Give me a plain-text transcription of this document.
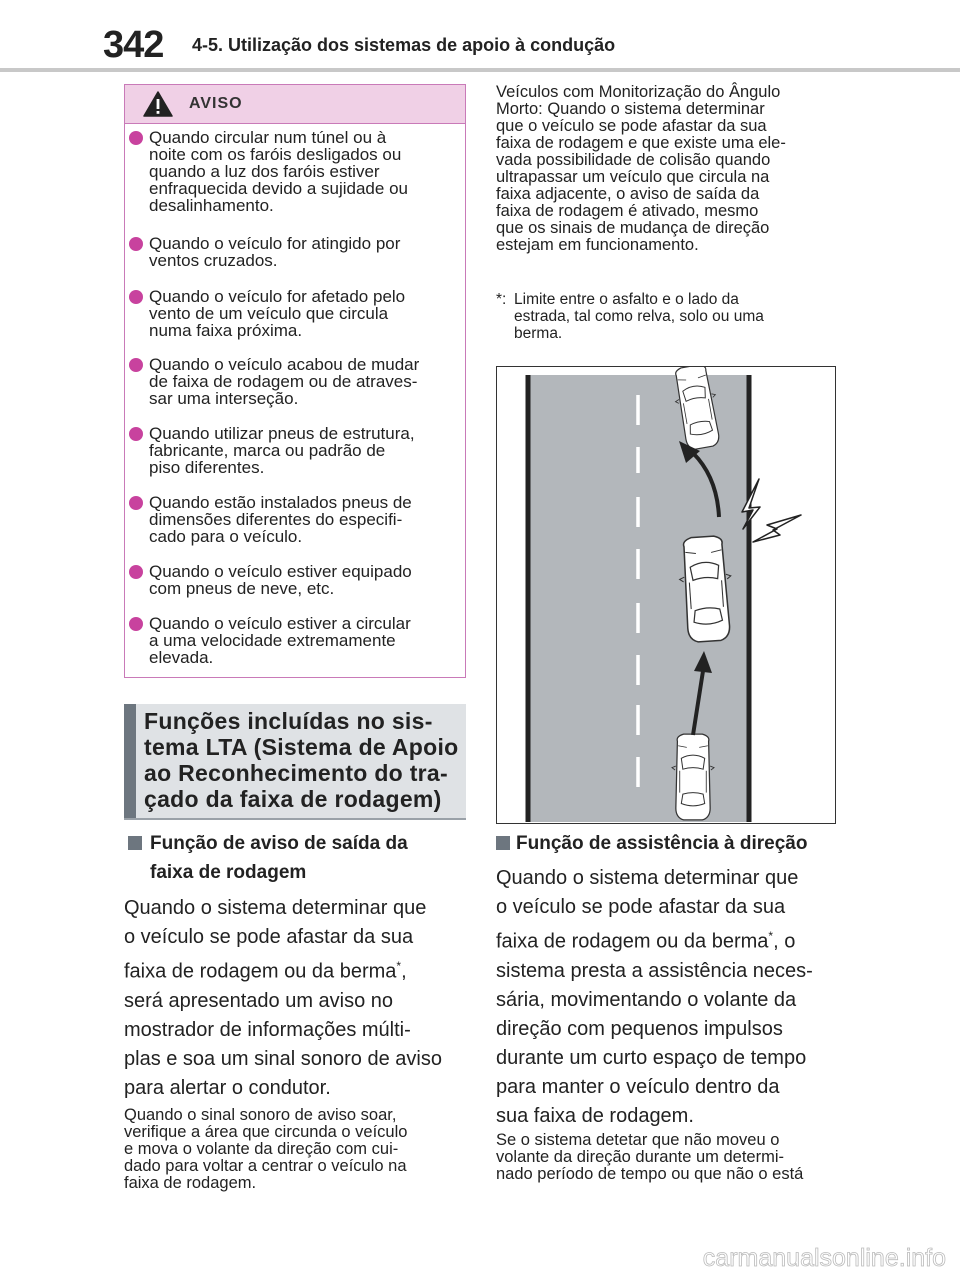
342 4-5. Utilização dos sistemas de apoio à condução
AVISO
Quando circular num túnel ou à
noite com os faróis desligados ou
quando a luz dos faróis estiver
enfraquecida devido a sujidade ou
desalinhamento.
Quando o veículo for atingido por
ventos cruzados.
Quando o veículo for afetado pelo
vento de um veículo que circula
numa faixa próxima.
Quando o veículo acabou de mudar
de faixa de rodagem ou de atraves-
sar uma interseção.
Quando utilizar pneus de estrutura,
fabricante, marca ou padrão de
piso diferentes.
Quando estão instalados pneus de
dimensões diferentes do especifi-
cado para o veículo.
Quando o veículo estiver equipado
com pneus de neve, etc.
Quando o veículo estiver a circular
a uma velocidade extremamente
elevada.
Funções incluídas no sis-
tema LTA (Sistema de Apoio
ao Reconhecimento do tra-
çado da faixa de rodagem)
Função de aviso de saída da
faixa de rodagem
Quando o sistema determinar que
o veículo se pode afastar da sua
faixa de rodagem ou da berma*,
será apresentado um aviso no
mostrador de informações múlti-
plas e soa um sinal sonoro de aviso
para alertar o condutor.
Quando o sinal sonoro de aviso soar,
verifique a área que circunda o veículo
e mova o volante da direção com cui-
dado para voltar a centrar o veículo na
faixa de rodagem.
Veículos com Monitorização do Ângulo
Morto: Quando o sistema determinar
que o veículo se pode afastar da sua
faixa de rodagem e que existe uma ele-
vada possibilidade de colisão quando
ultrapassar um veículo que circula na
faixa adjacente, o aviso de saída da
faixa de rodagem é ativado, mesmo
que os sinais de mudança de direção
estejam em funcionamento.
*: Limite entre o asfalto e o lado da
estrada, tal como relva, solo ou uma
berma.
Função de assistência à direção
Quando o sistema determinar que
o veículo se pode afastar da sua
faixa de rodagem ou da berma*, o
sistema presta a assistência neces-
sária, movimentando o volante da
direção com pequenos impulsos
durante um curto espaço de tempo
para manter o veículo dentro da
sua faixa de rodagem.
Se o sistema detetar que não moveu o
volante da direção durante um determi-
nado período de tempo ou que não o está
carmanualsonline.info
